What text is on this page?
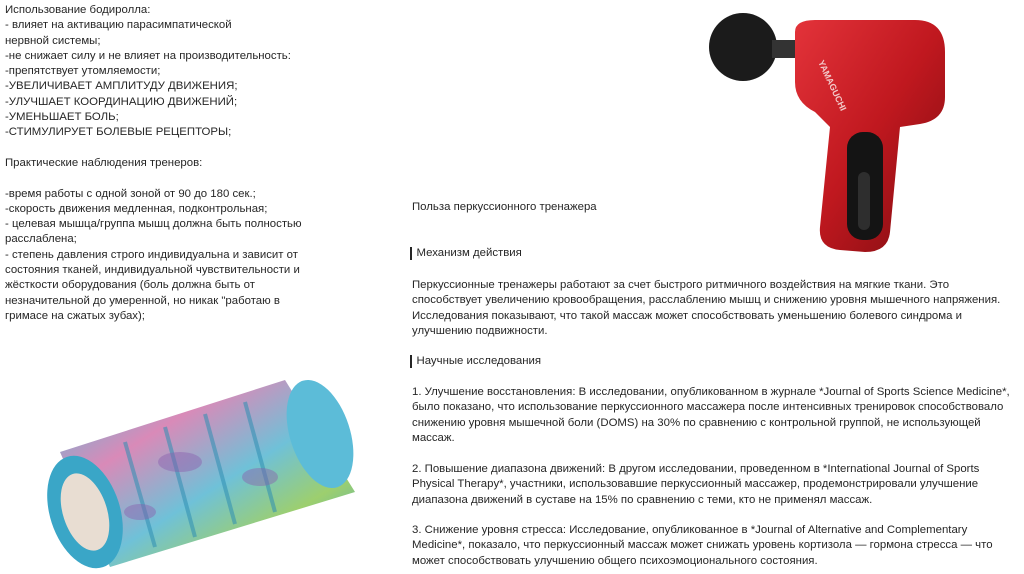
Использование бодиролла:
- влияет на активацию парасимпатической
нервной системы;
-не снижает силу и не влияет на производительность:
-препятствует утомляемости;
-УВЕЛИЧИВАЕТ АМПЛИТУДУ ДВИЖЕНИЯ;
-УЛУЧШАЕТ КООРДИНАЦИЮ ДВИЖЕНИЙ;
-УМЕНЬШАЕТ БОЛЬ;
-СТИМУЛИРУЕТ БОЛЕВЫЕ РЕЦЕПТОРЫ;
Практические наблюдения тренеров:
-время работы с одной зоной от 90 до 180 сек.;
-скорость движения медленная, подконтрольная;
- целевая мышца/группа мышц должна быть полностью
расслаблена;
- степень давления строго индивидуальна и зависит от
состояния тканей, индивидуальной чувствительности и
жёсткости оборудования (боль должна быть от
незначительной до умеренной, но никак "работаю в
гримасе на сжатых зубах);
YAMAGUCHI
Польза перкуссионного тренажера
Механизм действия

Перкуссионные тренажеры работают за счет быстрого ритмичного воздействия на мягкие ткани. Это способствует увеличению кровообращения, расслаблению мышц и снижению уровня мышечного напряжения. Исследования показывают, что такой массаж может способствовать уменьшению болевого синдрома и улучшению подвижности.

Научные исследования

1. Улучшение восстановления: В исследовании, опубликованном в журнале *Journal of Sports Science Medicine*, было показано, что использование перкуссионного массажера после интенсивных тренировок способствовало снижению уровня мышечной боли (DOMS) на 30% по сравнению с контрольной группой, не использующей массаж.

2. Повышение диапазона движений: В другом исследовании, проведенном в *International Journal of Sports Physical Therapy*, участники, использовавшие перкуссионный массажер, продемонстрировали улучшение диапазона движений в суставе на 15% по сравнению с теми, кто не применял массаж.

3. Снижение уровня стресса: Исследование, опубликованное в *Journal of Alternative and Complementary Medicine*, показало, что перкуссионный массаж может снижать уровень кортизола — гормона стресса — что может способствовать улучшению общего психоэмоционального состояния.
